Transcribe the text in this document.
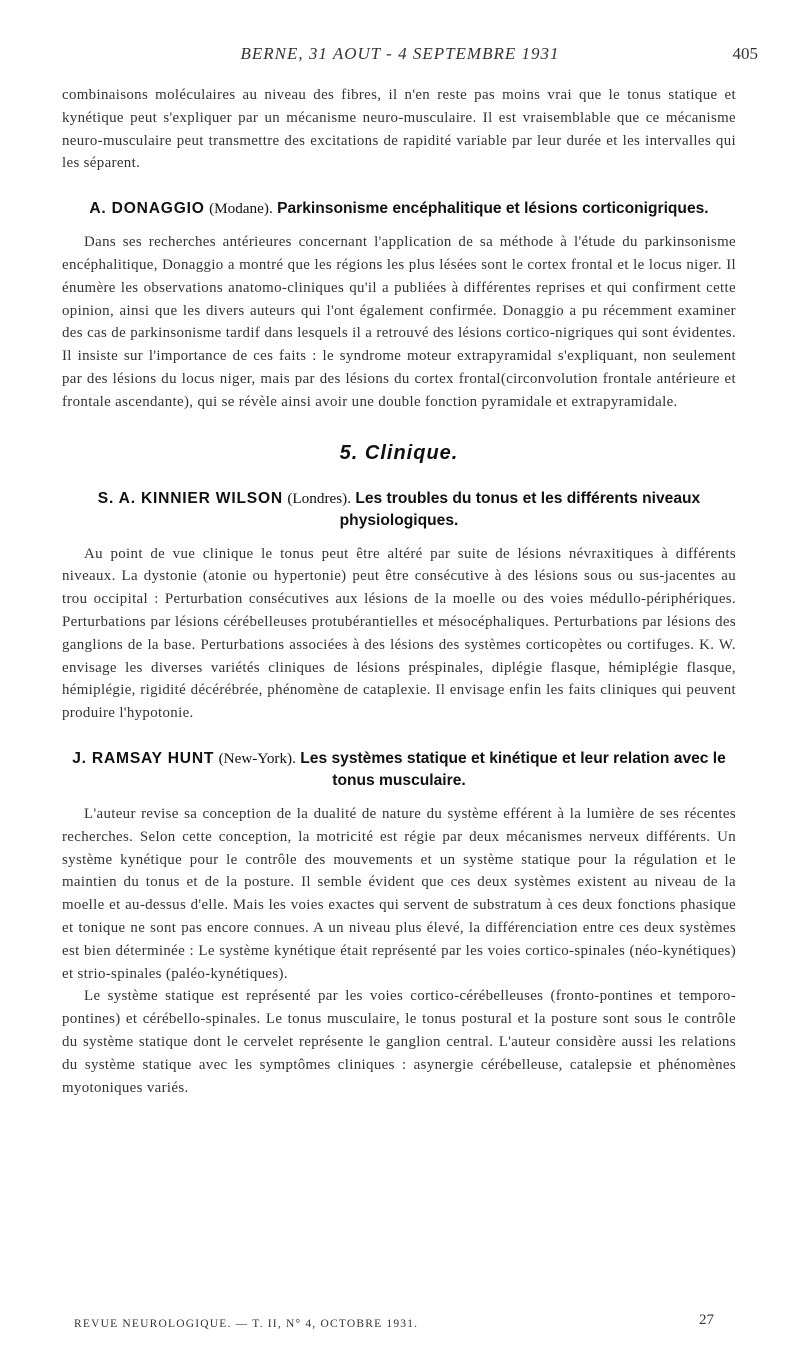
BERNE, 31 AOUT - 4 SEPTEMBRE 1931	405

combinaisons moléculaires au niveau des fibres, il n'en reste pas moins vrai que le tonus statique et kynétique peut s'expliquer par un mécanisme neuro-musculaire. Il est vraisemblable que ce mécanisme neuro-musculaire peut transmettre des excitations de rapidité variable par leur durée et les intervalles qui les séparent.

A. DONAGGIO (Modane). Parkinsonisme encéphalitique et lésions corticonigriques.

Dans ses recherches antérieures concernant l'application de sa méthode à l'étude du parkinsonisme encéphalitique, Donaggio a montré que les régions les plus lésées sont le cortex frontal et le locus niger. Il énumère les observations anatomo-cliniques qu'il a publiées à différentes reprises et qui confirment cette opinion, ainsi que les divers auteurs qui l'ont également confirmée. Donaggio a pu récemment examiner des cas de parkinsonisme tardif dans lesquels il a retrouvé des lésions cortico-nigriques qui sont évidentes. Il insiste sur l'importance de ces faits : le syndrome moteur extrapyramidal s'expliquant, non seulement par des lésions du locus niger, mais par des lésions du cortex frontal(circonvolution frontale antérieure et frontale ascendante), qui se révèle ainsi avoir une double fonction pyramidale et extrapyramidale.

5. Clinique.
S. A. KINNIER WILSON (Londres). Les troubles du tonus et les différents niveaux physiologiques.

Au point de vue clinique le tonus peut être altéré par suite de lésions névraxitiques à différents niveaux. La dystonie (atonie ou hypertonie) peut être consécutive à des lésions sous ou sus-jacentes au trou occipital : Perturbation consécutives aux lésions de la moelle ou des voies médullo-périphériques. Perturbations par lésions cérébelleuses protubérantielles et mésocéphaliques. Perturbations par lésions des ganglions de la base. Perturbations associées à des lésions des systèmes corticopètes ou cortifuges. K. W. envisage les diverses variétés cliniques de lésions préspinales, diplégie flasque, hémiplégie flasque, hémiplégie, rigidité décérébrée, phénomène de cataplexie. Il envisage enfin les faits cliniques qui peuvent produire l'hypotonie.

J. RAMSAY HUNT (New-York). Les systèmes statique et kinétique et leur relation avec le tonus musculaire.

L'auteur revise sa conception de la dualité de nature du système efférent à la lumière de ses récentes recherches. Selon cette conception, la motricité est régie par deux mécanismes nerveux différents. Un système kynétique pour le contrôle des mouvements et un système statique pour la régulation et le maintien du tonus et de la posture. Il semble évident que ces deux systèmes existent au niveau de la moelle et au-dessus d'elle. Mais les voies exactes qui servent de substratum à ces deux fonctions phasique et tonique ne sont pas encore connues. A un niveau plus élevé, la différenciation entre ces deux systèmes est bien déterminée : Le système kynétique était représenté par les voies cortico-spinales (néo-kynétiques) et strio-spinales (paléo-kynétiques).

Le système statique est représenté par les voies cortico-cérébelleuses (fronto-pontines et temporo-pontines) et cérébello-spinales. Le tonus musculaire, le tonus postural et la posture sont sous le contrôle du système statique dont le cervelet représente le ganglion central. L'auteur considère aussi les relations du système statique avec les symptômes cliniques : asynergie cérébelleuse, catalepsie et phénomènes myotoniques variés.

REVUE NEUROLOGIQUE. — T. II, N° 4, OCTOBRE 1931.	27
